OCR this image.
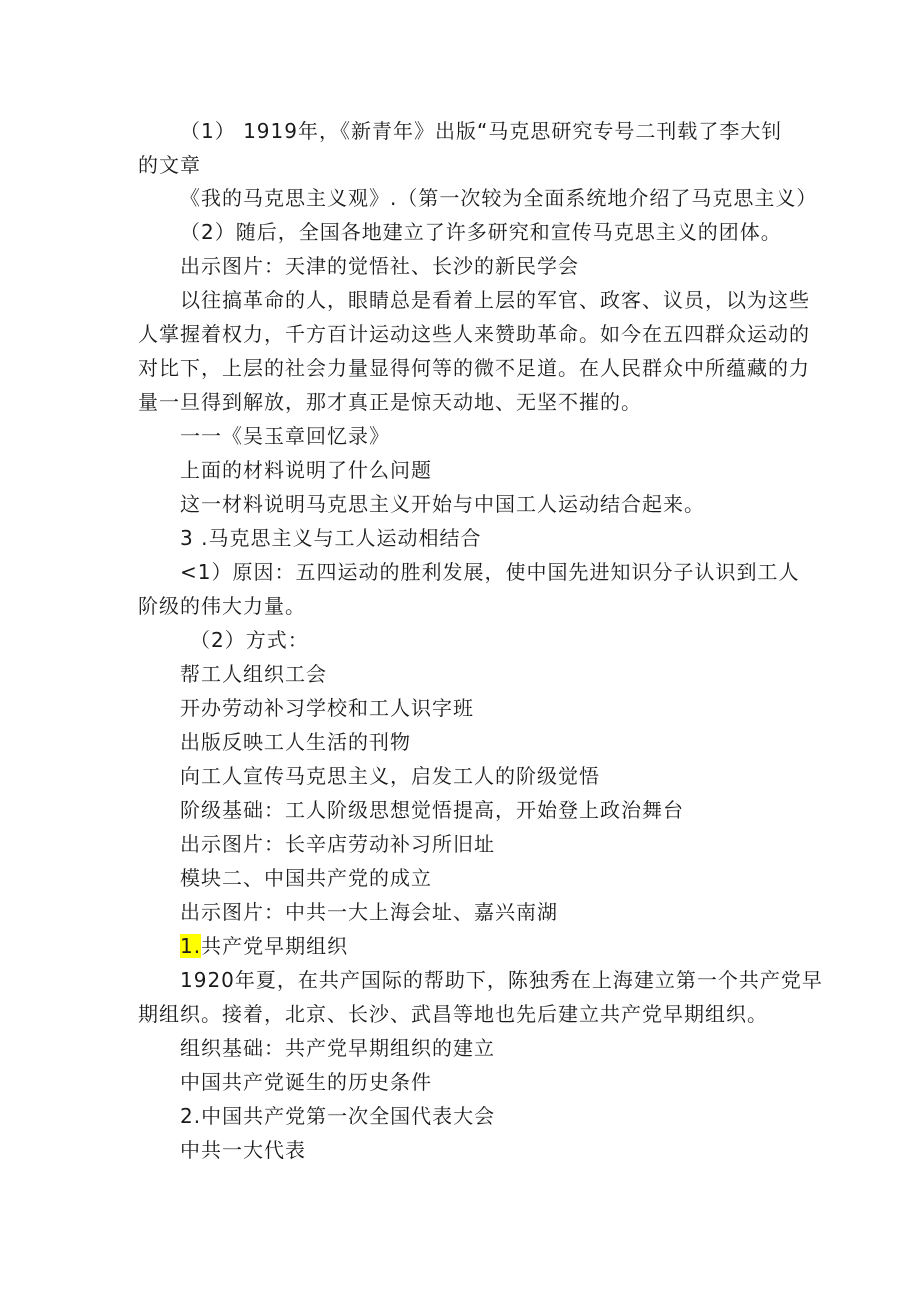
（1） 1919年，《新青年》出版“马克思研究专号二刊载了李大钊
的文章
《我的马克思主义观》.（第一次较为全面系统地介绍了马克思主义）
（2）随后，全国各地建立了许多研究和宣传马克思主义的团体。
出示图片：天津的觉悟社、长沙的新民学会
以往搞革命的人，眼睛总是看着上层的军官、政客、议员，以为这些
人掌握着权力，千方百计运动这些人来赞助革命。如今在五四群众运动的
对比下，上层的社会力量显得何等的微不足道。在人民群众中所蕴藏的力
量一旦得到解放，那才真正是惊天动地、无坚不摧的。
一一《吴玉章回忆录》
上面的材料说明了什么问题
这一材料说明马克思主义开始与中国工人运动结合起来。
3 .马克思主义与工人运动相结合
<1）原因：五四运动的胜利发展，使中国先进知识分子认识到工人
阶级的伟大力量。
（2）方式：
帮工人组织工会
开办劳动补习学校和工人识字班
出版反映工人生活的刊物
向工人宣传马克思主义，启发工人的阶级觉悟
阶级基础：工人阶级思想觉悟提高，开始登上政治舞台
出示图片：长辛店劳动补习所旧址
模块二、中国共产党的成立
出示图片：中共一大上海会址、嘉兴南湖
1.共产党早期组织
1920年夏，在共产国际的帮助下，陈独秀在上海建立第一个共产党早
期组织。接着，北京、长沙、武昌等地也先后建立共产党早期组织。
组织基础：共产党早期组织的建立
中国共产党诞生的历史条件
2.中国共产党第一次全国代表大会
中共一大代表
